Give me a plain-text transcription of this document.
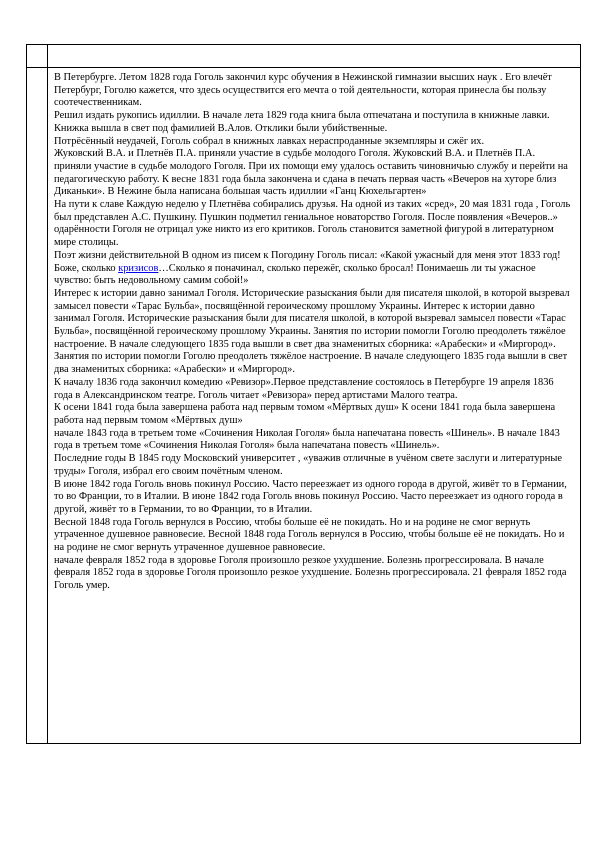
В Петербурге. Летом 1828 года Гоголь закончил курс обучения в Нежинской гимназии высших наук . Его влечёт Петербург, Гоголю кажется, что здесь осуществится его мечта о той деятельности, которая принесла бы пользу соотечественникам.

Решил издать рукопись идиллии. В начале лета 1829 года книга была отпечатана и поступила в книжные лавки. Книжка вышла в свет под фамилией В.Алов. Отклики были убийственные.

Потрёсённый неудачей, Гоголь собрал в книжных лавках нераспроданные экземпляры и сжёг их.

Жуковский В.А. и Плетнёв П.А. приняли участие в судьбе молодого Гоголя. Жуковский В.А. и Плетнёв П.А. приняли участие в судьбе молодого Гоголя. При их помощи ему удалось оставить чиновничью службу и перейти на педагогическую работу. К весне 1831 года была закончена и сдана в печать первая часть «Вечеров на хуторе близ Диканьки». В Нежине была написана большая часть идиллии «Ганц Кюхельгартен»

На пути к славе Каждую неделю у Плетнёва собирались друзья. На одной из таких «сред», 20 мая 1831 года , Гоголь был представлен А.С. Пушкину. Пушкин подметил гениальное новаторство Гоголя. После появления «Вечеров..» одарённости Гоголя не отрицал уже никто из его критиков. Гоголь становится заметной фигурой в литературном мире столицы.

Поэт жизни действительной В одном из писем к Погодину Гоголь писал: «Какой ужасный для меня этот 1833 год! Боже, сколько кризисов…Сколько я поначинал, сколько пережёг, сколько бросал! Понимаешь ли ты ужасное чувство: быть недовольному самим собой!»

Интерес к истории давно занимал Гоголя. Исторические разыскания были для писателя школой, в которой вызревал замысел повести «Тарас Бульба», посвящённой героическому прошлому Украины. Интерес к истории давно занимал Гоголя. Исторические разыскания были для писателя школой, в которой вызревал замысел повести «Тарас Бульба», посвящённой героическому прошлому Украины. Занятия по истории помогли Гоголю преодолеть тяжёлое настроение. В начале следующего 1835 года вышли в свет два знаменитых сборника: «Арабески» и «Миргород». Занятия по истории помогли Гоголю преодолеть тяжёлое настроение. В начале следующего 1835 года вышли в свет два знаменитых сборника: «Арабески» и «Миргород».

К началу 1836 года закончил комедию «Ревизор».Первое представление состоялось в Петербурге 19 апреля 1836 года в Александринском театре. Гоголь читает «Ревизора» перед артистами Малого театра.

К осени 1841 года была завершена работа над первым томом «Мёртвых душ» К осени 1841 года была завершена работа над первым томом «Мёртвых душ»

начале 1843 года в третьем томе «Сочинения Николая Гоголя» была напечатана повесть «Шинель». В начале 1843 года в третьем томе «Сочинения Николая Гоголя» была напечатана повесть «Шинель».

Последние годы В 1845 году Московский университет , «уважив отличные в учёном свете заслуги и литературные труды» Гоголя, избрал его своим почётным членом.

В июне 1842 года Гоголь вновь покинул Россию. Часто переезжает из одного города в другой, живёт то в Германии, то во Франции, то в Италии. В июне 1842 года Гоголь вновь покинул Россию. Часто переезжает из одного города в другой, живёт то в Германии, то во Франции, то в Италии.

Весной 1848 года Гоголь вернулся в Россию, чтобы больше её не покидать. Но и на родине не смог вернуть утраченное душевное равновесие. Весной 1848 года Гоголь вернулся в Россию, чтобы больше её не покидать. Но и на родине не смог вернуть утраченное душевное равновесие.

начале февраля 1852 года в здоровье Гоголя произошло резкое ухудшение. Болезнь прогрессировала. В начале февраля 1852 года в здоровье Гоголя произошло резкое ухудшение. Болезнь прогрессировала. 21 февраля 1852 года Гоголь умер.
